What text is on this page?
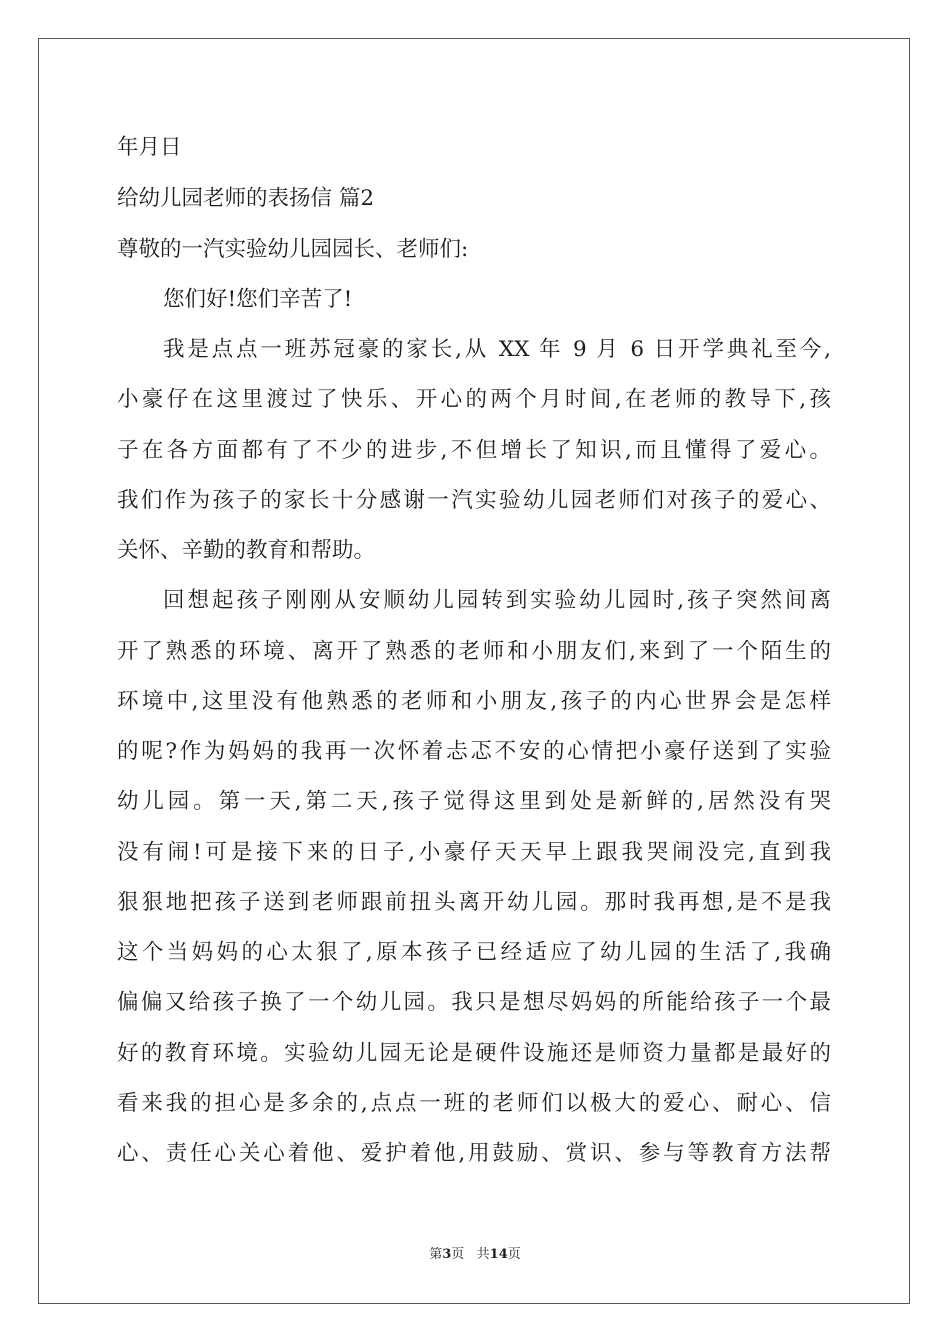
年月日
给幼儿园老师的表扬信 篇2
尊敬的一汽实验幼儿园园长、老师们:
您们好!您们辛苦了!
我是点点一班苏冠豪的家长,从 XX 年 9 月 6 日开学典礼至今,
小豪仔在这里渡过了快乐、开心的两个月时间,在老师的教导下,孩
子在各方面都有了不少的进步,不但增长了知识,而且懂得了爱心。
我们作为孩子的家长十分感谢一汽实验幼儿园老师们对孩子的爱心、
关怀、辛勤的教育和帮助。
回想起孩子刚刚从安顺幼儿园转到实验幼儿园时,孩子突然间离
开了熟悉的环境、离开了熟悉的老师和小朋友们,来到了一个陌生的
环境中,这里没有他熟悉的老师和小朋友,孩子的内心世界会是怎样
的呢?作为妈妈的我再一次怀着忐忑不安的心情把小豪仔送到了实验
幼儿园。第一天,第二天,孩子觉得这里到处是新鲜的,居然没有哭
没有闹!可是接下来的日子,小豪仔天天早上跟我哭闹没完,直到我
狠狠地把孩子送到老师跟前扭头离开幼儿园。那时我再想,是不是我
这个当妈妈的心太狠了,原本孩子已经适应了幼儿园的生活了,我确
偏偏又给孩子换了一个幼儿园。我只是想尽妈妈的所能给孩子一个最
好的教育环境。实验幼儿园无论是硬件设施还是师资力量都是最好的
看来我的担心是多余的,点点一班的老师们以极大的爱心、耐心、信
心、责任心关心着他、爱护着他,用鼓励、赏识、参与等教育方法帮
第3页   共14页
